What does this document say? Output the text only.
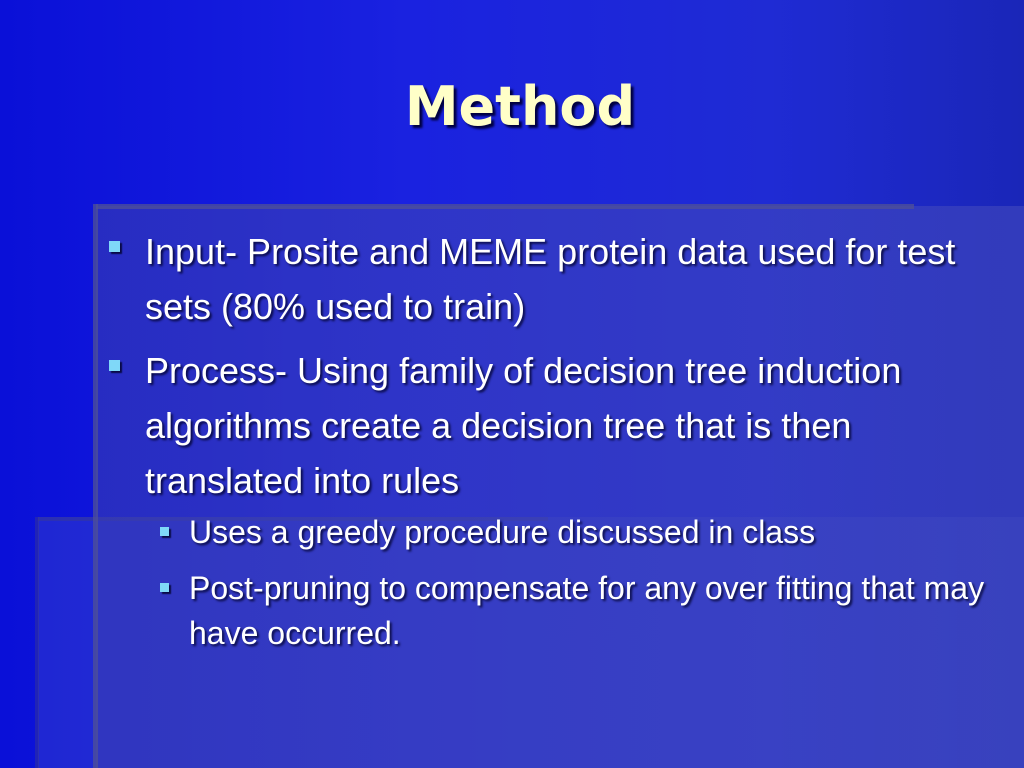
Method
Input- Prosite and MEME protein data used for test sets (80% used to train)
Process- Using family of decision tree induction algorithms create a decision tree that is then translated into rules
Uses a greedy procedure discussed in class
Post-pruning to compensate for any over fitting that may have occurred.
